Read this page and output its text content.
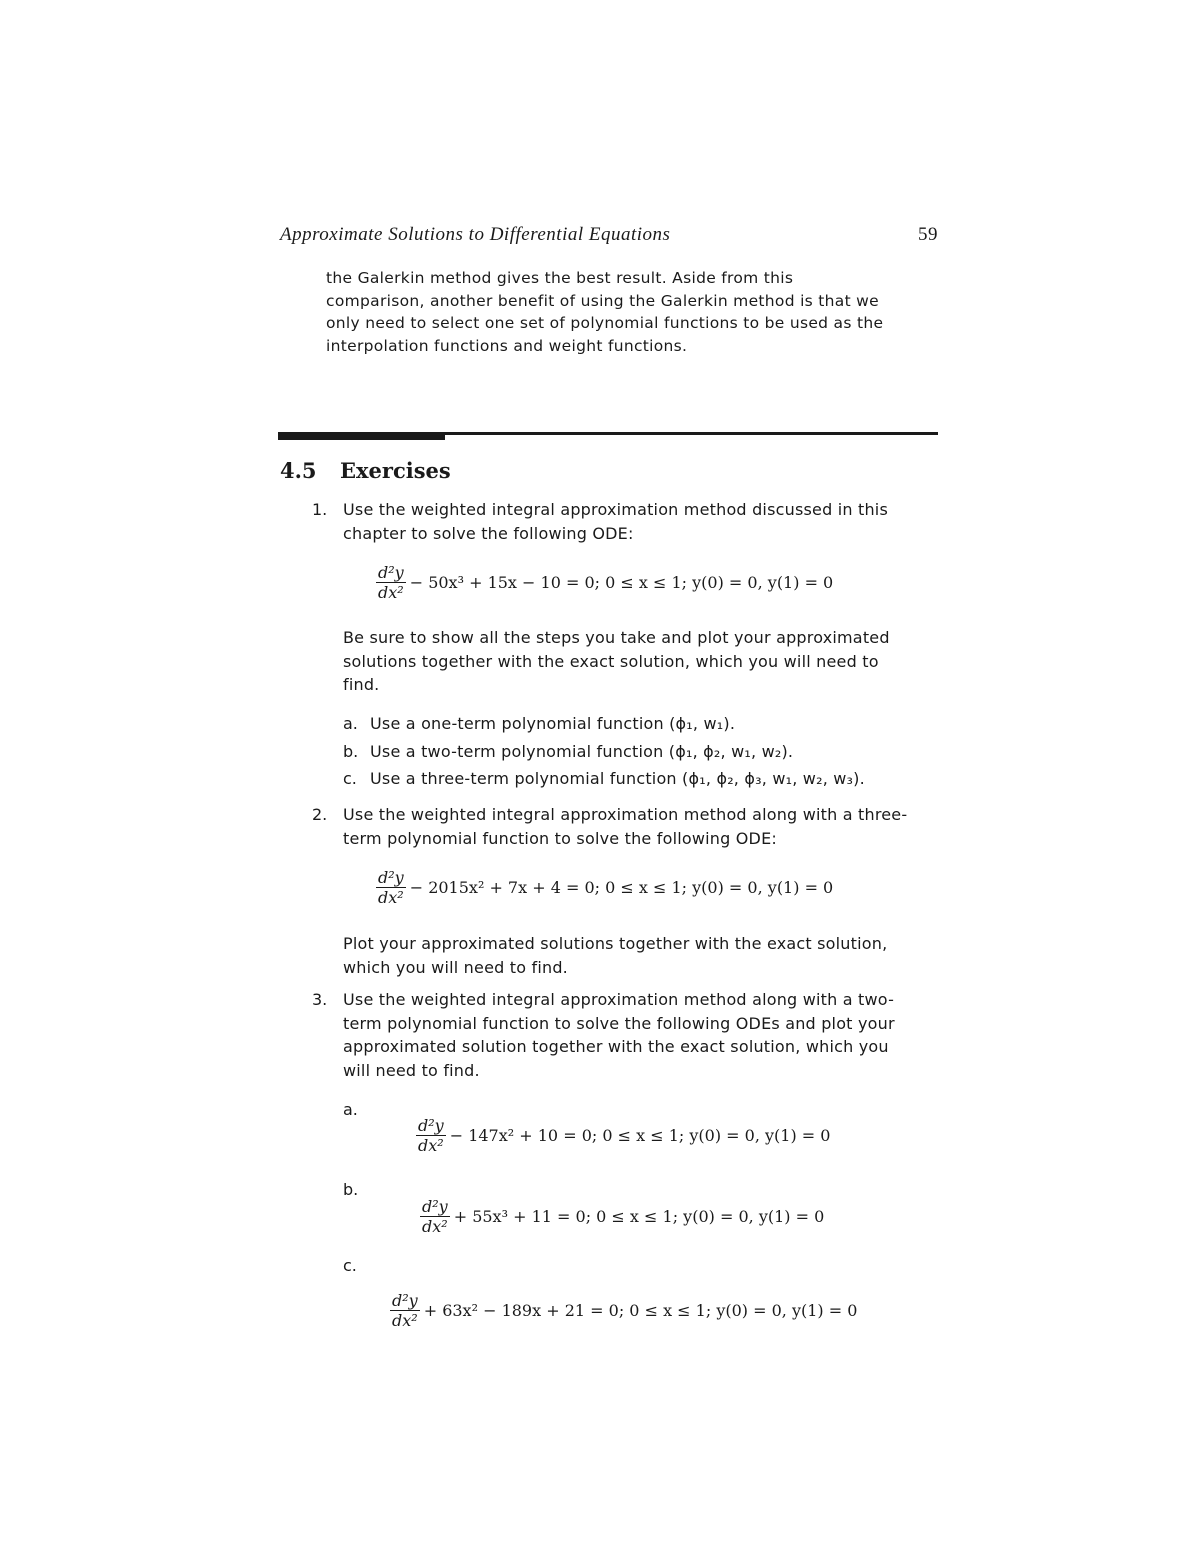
Approximate Solutions to Differential Equations	59

the Galerkin method gives the best result. Aside from this comparison, another benefit of using the Galerkin method is that we only need to select one set of polynomial functions to be used as the interpolation functions and weight functions.

4.5 Exercises
1. Use the weighted integral approximation method discussed in this chapter to solve the following ODE:

$\frac{\text{d²y}}{\text{dx²}} - 50x^3 + 15x - 10 = 0$; 0 ≤ x ≤ 1; y(0) = 0, y(1) = 0

Be sure to show all the steps you take and plot your approximated solutions together with the exact solution, which you will need to find.

a. Use a one-term polynomial function (ϕ₁, w₁).
b. Use a two-term polynomial function (ϕ₁, ϕ₂, w₁, w₂).
c. Use a three-term polynomial function (ϕ₁, ϕ₂, ϕ₃, w₁, w₂, w₃).
2. Use the weighted integral approximation method along with a three-term polynomial function to solve the following ODE:

$\frac{\text{d²y}}{\text{dx²}} - 2015x^2 + 7x + 4 = 0$; 0 ≤ x ≤ 1; y(0) = 0, y(1) = 0

Plot your approximated solutions together with the exact solution, which you will need to find.

3. Use the weighted integral approximation method along with a two-term polynomial function to solve the following ODEs and plot your approximated solution together with the exact solution, which you will need to find.

a.
$\frac{\text{d²y}}{\text{dx²}} - 147x^2 + 10 = 0$; 0 ≤ x ≤ 1; y(0) = 0, y(1) = 0
b.
$\frac{\text{d²y}}{\text{dx²}} + 55x^3 + 11 = 0$; 0 ≤ x ≤ 1; y(0) = 0, y(1) = 0
c.
$\frac{\text{d²y}}{\text{dx²}} + 63x^2 - 189x + 21 = 0$; 0 ≤ x ≤ 1; y(0) = 0, y(1) = 0
